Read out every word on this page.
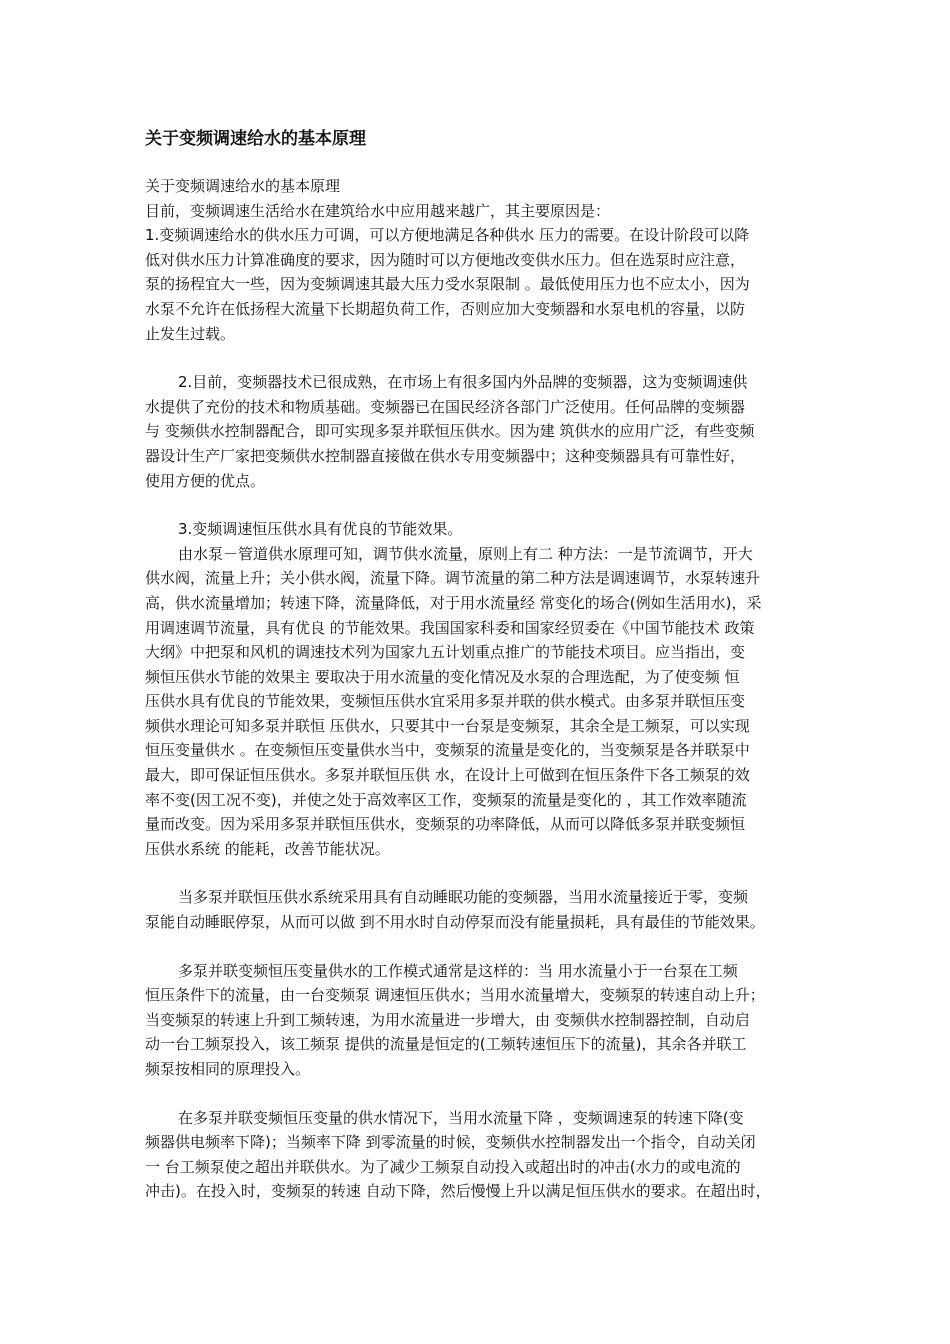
关于变频调速给水的基本原理

关于变频调速给水的基本原理

目前，变频调速生活给水在建筑给水中应用越来越广，其主要原因是：

1.变频调速给水的供水压力可调，可以方便地满足各种供水 压力的需要。在设计阶段可以降

低对供水压力计算准确度的要求，因为随时可以方便地改变供水压力。但在选泵时应注意，

泵的扬程宜大一些，因为变频调速其最大压力受水泵限制 。最低使用压力也不应太小，因为

水泵不允许在低扬程大流量下长期超负荷工作，否则应加大变频器和水泵电机的容量，以防

止发生过载。

2.目前，变频器技术已很成熟，在市场上有很多国内外品牌的变频器，这为变频调速供

水提供了充份的技术和物质基础。变频器已在国民经济各部门广泛使用。任何品牌的变频器

与 变频供水控制器配合，即可实现多泵并联恒压供水。因为建 筑供水的应用广泛，有些变频

器设计生产厂家把变频供水控制器直接做在供水专用变频器中；这种变频器具有可靠性好，

使用方便的优点。

3.变频调速恒压供水具有优良的节能效果。

由水泵－管道供水原理可知，调节供水流量，原则上有二 种方法：一是节流调节，开大

供水阀，流量上升；关小供水阀，流量下降。调节流量的第二种方法是调速调节，水泵转速升

高，供水流量增加；转速下降，流量降低，对于用水流量经 常变化的场合(例如生活用水)，采

用调速调节流量，具有优良 的节能效果。我国国家科委和国家经贸委在《中国节能技术 政策

大纲》中把泵和风机的调速技术列为国家九五计划重点推广的节能技术项目。应当指出，变

频恒压供水节能的效果主 要取决于用水流量的变化情况及水泵的合理选配，为了使变频 恒

压供水具有优良的节能效果，变频恒压供水宜采用多泵并联的供水模式。由多泵并联恒压变

频供水理论可知多泵并联恒 压供水，只要其中一台泵是变频泵，其余全是工频泵，可以实现

恒压变量供水 。在变频恒压变量供水当中，变频泵的流量是变化的，当变频泵是各并联泵中

最大，即可保证恒压供水。多泵并联恒压供 水，在设计上可做到在恒压条件下各工频泵的效

率不变(因工况不变)，并使之处于高效率区工作，变频泵的流量是变化的 ，其工作效率随流

量而改变。因为采用多泵并联恒压供水，变频泵的功率降低，从而可以降低多泵并联变频恒

压供水系统 的能耗，改善节能状况。

当多泵并联恒压供水系统采用具有自动睡眠功能的变频器，当用水流量接近于零，变频

泵能自动睡眠停泵，从而可以做 到不用水时自动停泵而没有能量损耗，具有最佳的节能效果。

多泵并联变频恒压变量供水的工作模式通常是这样的：当 用水流量小于一台泵在工频

恒压条件下的流量，由一台变频泵 调速恒压供水；当用水流量增大，变频泵的转速自动上升；

当变频泵的转速上升到工频转速，为用水流量进一步增大，由 变频供水控制器控制，自动启

动一台工频泵投入，该工频泵 提供的流量是恒定的(工频转速恒压下的流量)，其余各并联工

频泵按相同的原理投入。

在多泵并联变频恒压变量的供水情况下，当用水流量下降 ，变频调速泵的转速下降(变

频器供电频率下降)；当频率下降 到零流量的时候，变频供水控制器发出一个指令，自动关闭

一 台工频泵使之超出并联供水。为了减少工频泵自动投入或超出时的冲击(水力的或电流的

冲击)。在投入时，变频泵的转速 自动下降，然后慢慢上升以满足恒压供水的要求。在超出时，
